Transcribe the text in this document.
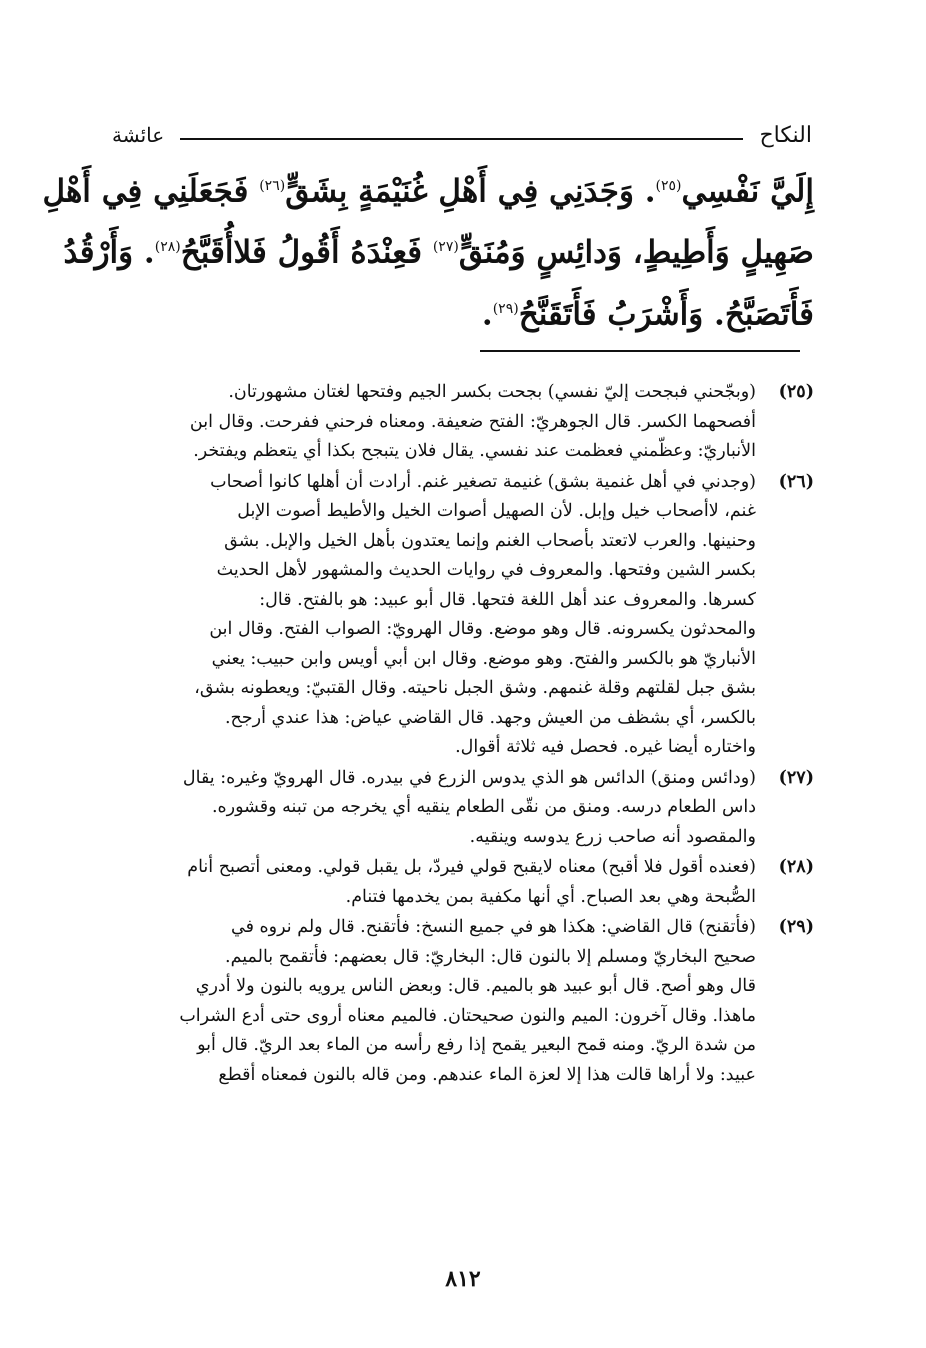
النكاح
عائشة
إِلَيَّ نَفْسِي$^{(٢٥)}$. وَجَدَنِي فِي أَهْلِ غُنَيْمَةٍ بِشَقٍّ$^{(٢٦)}$ فَجَعَلَنِي فِي أَهْلِ
صَهِيلٍ وَأَطِيطٍ، وَدائِسٍ وَمُنَقٍّ$^{(٢٧)}$ فَعِنْدَهُ أَقُولُ فَلاأُقَبَّحُ$^{(٢٨)}$. وَأَرْقُدُ
فَأَتَصَبَّحُ. وَأَشْرَبُ فَأَتَقَنَّحُ$^{(٢٩)}$.
(٢٥)
(وبجّحني فبجحت إليّ نفسي) بجحت بكسر الجيم وفتحها لغتان مشهورتان.
أفصحهما الكسر. قال الجوهريّ: الفتح ضعيفة. ومعناه فرحني ففرحت. وقال ابن
الأنباريّ: وعظّمني فعظمت عند نفسي. يقال فلان يتبجح بكذا أي يتعظم ويفتخر.
(٢٦)
(وجدني في أهل غنمية بشق) غنيمة تصغير غنم. أرادت أن أهلها كانوا أصحاب
غنم، لاأصحاب خيل وإبل. لأن الصهيل أصوات الخيل والأطيط أصوت الإبل
وحنينها. والعرب لاتعتد بأصحاب الغنم وإنما يعتدون بأهل الخيل والإبل. بشق
بكسر الشين وفتحها. والمعروف في روايات الحديث والمشهور لأهل الحديث
كسرها. والمعروف عند أهل اللغة فتحها. قال أبو عبيد: هو بالفتح. قال:
والمحدثون يكسرونه. قال وهو موضع. وقال الهرويّ: الصواب الفتح. وقال ابن
الأنباريّ هو بالكسر والفتح. وهو موضع. وقال ابن أبي أويس وابن حبيب: يعني
بشق جبل لقلتهم وقلة غنمهم. وشق الجبل ناحيته. وقال القتبيّ: ويعطونه بشق،
بالكسر، أي بشظف من العيش وجهد. قال القاضي عياض: هذا عندي أرجح.
واختاره أيضا غيره. فحصل فيه ثلاثة أقوال.
(٢٧)
(ودائس ومنق) الدائس هو الذي يدوس الزرع في بيدره. قال الهرويّ وغيره: يقال
داس الطعام درسه. ومنق من نقّى الطعام ينقيه أي يخرجه من تبنه وقشوره.
والمقصود أنه صاحب زرع يدوسه وينقيه.
(٢٨)
(فعنده أقول فلا أقبح) معناه لايقبح قولي فيردّ، بل يقبل قولي. ومعنى أتصبح أنام
الصُّبحة وهي بعد الصباح. أي أنها مكفية بمن يخدمها فتنام.
(٢٩)
(فأتقنح) قال القاضي: هكذا هو في جميع النسخ: فأتقنح. قال ولم نروه في
صحيح البخاريّ ومسلم إلا بالنون قال: البخاريّ: قال بعضهم: فأتقمح بالميم.
قال وهو أصح. قال أبو عبيد هو بالميم. قال: وبعض الناس يرويه بالنون ولا أدري
ماهذا. وقال آخرون: الميم والنون صحيحتان. فالميم معناه أروى حتى أدع الشراب
من شدة الريّ. ومنه قمح البعير يقمح إذا رفع رأسه من الماء بعد الريّ. قال أبو
عبيد: ولا أراها قالت هذا إلا لعزة الماء عندهم. ومن قاله بالنون فمعناه أقطع
٨١٢
